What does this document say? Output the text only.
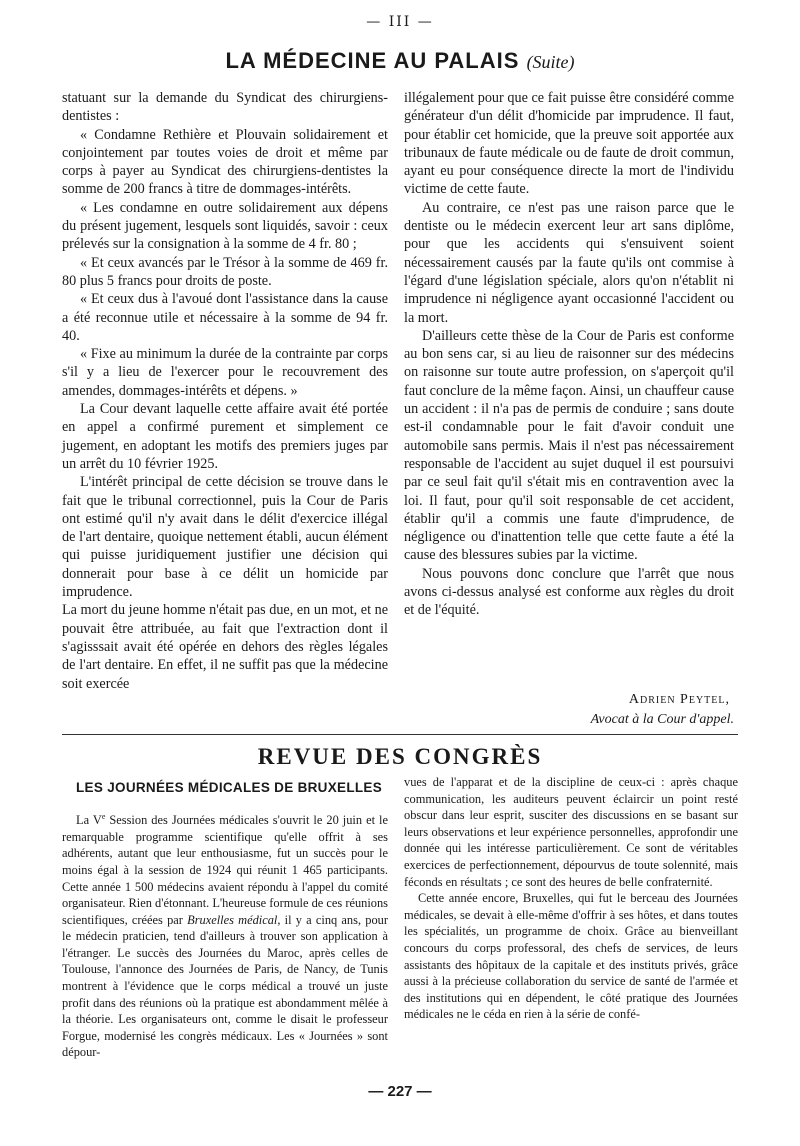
— III —
LA MÉDECINE AU PALAIS (Suite)

statuant sur la demande du Syndicat des chirurgiens-dentistes :

« Condamne Rethière et Plouvain solidairement et conjointement par toutes voies de droit et même par corps à payer au Syndicat des chirurgiens-dentistes la somme de 200 francs à titre de dommages-intérêts.

« Les condamne en outre solidairement aux dépens du présent jugement, lesquels sont liquidés, savoir : ceux prélevés sur la consignation à la somme de 4 fr. 80 ;

« Et ceux avancés par le Trésor à la somme de 469 fr. 80 plus 5 francs pour droits de poste.

« Et ceux dus à l'avoué dont l'assistance dans la cause a été reconnue utile et nécessaire à la somme de 94 fr. 40.

« Fixe au minimum la durée de la contrainte par corps s'il y a lieu de l'exercer pour le recouvrement des amendes, dommages-intérêts et dépens. »

La Cour devant laquelle cette affaire avait été portée en appel a confirmé purement et simplement ce jugement, en adoptant les motifs des premiers juges par un arrêt du 10 février 1925.

L'intérêt principal de cette décision se trouve dans le fait que le tribunal correctionnel, puis la Cour de Paris ont estimé qu'il n'y avait dans le délit d'exercice illégal de l'art dentaire, quoique nettement établi, aucun élément qui puisse juridiquement justifier une décision qui donnerait pour base à ce délit un homicide par imprudence.

La mort du jeune homme n'était pas due, en un mot, et ne pouvait être attribuée, au fait que l'extraction dont il s'agisssait avait été opérée en dehors des règles légales de l'art dentaire. En effet, il ne suffit pas que la médecine soit exercée

illégalement pour que ce fait puisse être considéré comme générateur d'un délit d'homicide par imprudence. Il faut, pour établir cet homicide, que la preuve soit apportée aux tribunaux de faute médicale ou de faute de droit commun, ayant eu pour conséquence directe la mort de l'individu victime de cette faute.

Au contraire, ce n'est pas une raison parce que le dentiste ou le médecin exercent leur art sans diplôme, pour que les accidents qui s'ensuivent soient nécessairement causés par la faute qu'ils ont commise à l'égard d'une législation spéciale, alors qu'on n'établit ni imprudence ni négligence ayant occasionné l'accident ou la mort.

D'ailleurs cette thèse de la Cour de Paris est conforme au bon sens car, si au lieu de raisonner sur des médecins on raisonne sur toute autre profession, on s'aperçoit qu'il faut conclure de la même façon. Ainsi, un chauffeur cause un accident : il n'a pas de permis de conduire ; sans doute est-il condamnable pour le fait d'avoir conduit une automobile sans permis. Mais il n'est pas nécessairement responsable de l'accident au sujet duquel il est poursuivi par ce seul fait qu'il s'était mis en contravention avec la loi. Il faut, pour qu'il soit responsable de cet accident, établir qu'il a commis une faute d'imprudence, de négligence ou d'inattention telle que cette faute a été la cause des blessures subies par la victime.

Nous pouvons donc conclure que l'arrêt que nous avons ci-dessus analysé est conforme aux règles du droit et de l'équité.

Adrien Peytel,
Avocat à la Cour d'appel.
REVUE DES CONGRÈS
LES JOURNÉES MÉDICALES DE BRUXELLES

La Ve Session des Journées médicales s'ouvrit le 20 juin et le remarquable programme scientifique qu'elle offrit à ses adhérents, autant que leur enthousiasme, fut un succès pour le moins égal à la session de 1924 qui réunit 1 465 participants. Cette année 1 500 médecins avaient répondu à l'appel du comité organisateur. Rien d'étonnant. L'heureuse formule de ces réunions scientifiques, créées par Bruxelles médical, il y a cinq ans, pour le médecin praticien, tend d'ailleurs à trouver son application à l'étranger. Le succès des Journées du Maroc, après celles de Toulouse, l'annonce des Journées de Paris, de Nancy, de Tunis montrent à l'évidence que le corps médical a trouvé un juste profit dans des réunions où la pratique est abondamment mêlée à la théorie. Les organisateurs ont, comme le disait le professeur Forgue, modernisé les congrès médicaux. Les « Journées » sont dépour-

vues de l'apparat et de la discipline de ceux-ci : après chaque communication, les auditeurs peuvent éclaircir un point resté obscur dans leur esprit, susciter des discussions en se basant sur leurs observations et leur expérience personnelles, approfondir une donnée qui les intéresse particulièrement. Ce sont de véritables exercices de perfectionnement, dépourvus de toute solennité, mais féconds en résultats ; ce sont des heures de belle confraternité.

Cette année encore, Bruxelles, qui fut le berceau des Journées médicales, se devait à elle-même d'offrir à ses hôtes, et dans toutes les spécialités, un programme de choix. Grâce au bienveillant concours du corps professoral, des chefs de services, de leurs assistants des hôpitaux de la capitale et des instituts privés, grâce aussi à la précieuse collaboration du service de santé de l'armée et des institutions qui en dépendent, le côté pratique des Journées médicales ne le céda en rien à la série de confé-

— 227 —
